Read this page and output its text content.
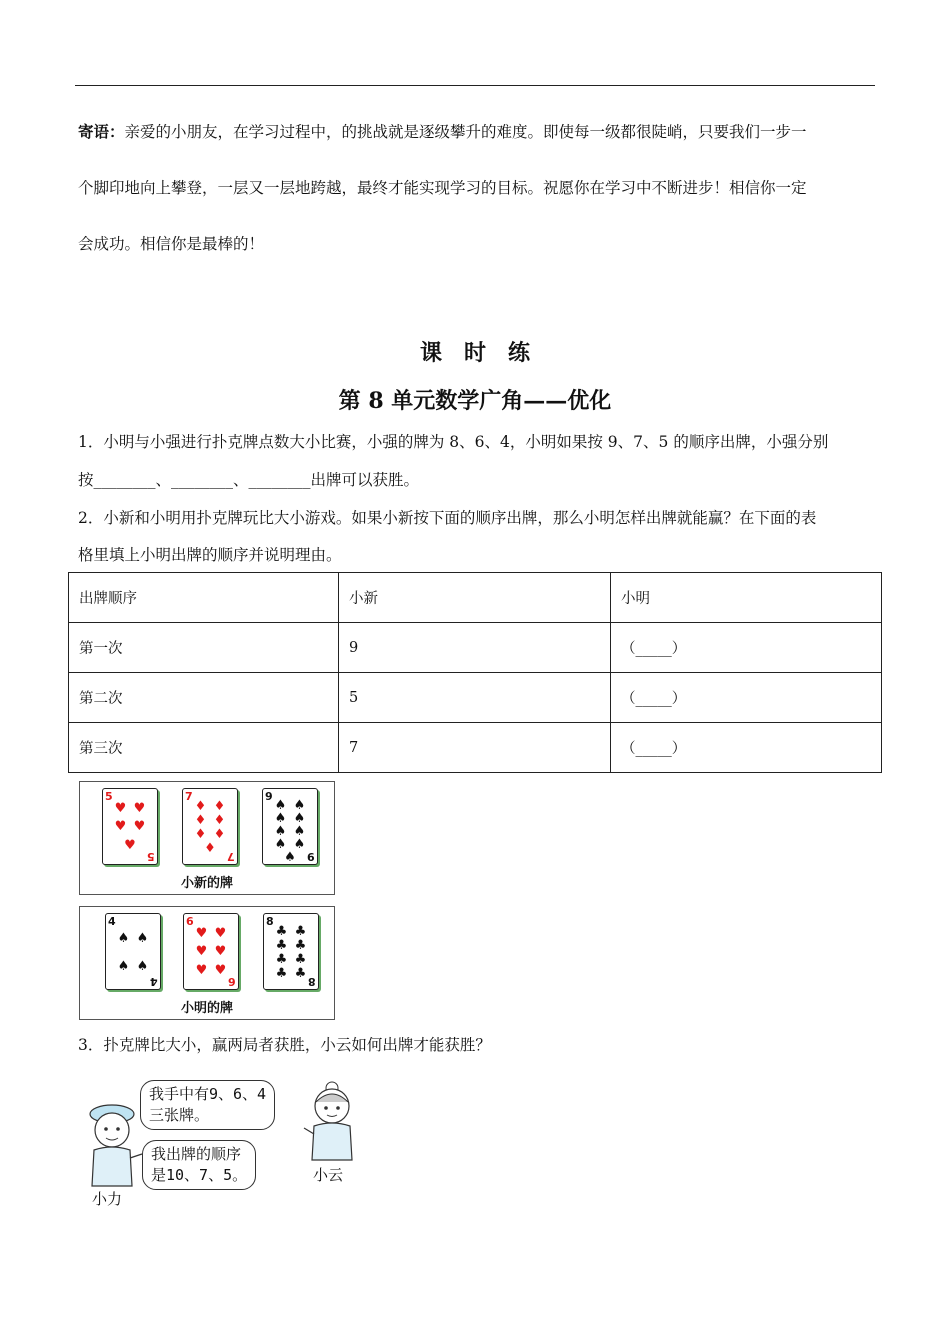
寄语：亲爱的小朋友，在学习过程中，的挑战就是逐级攀升的难度。即使每一级都很陡峭，只要我们一步一
个脚印地向上攀登，一层又一层地跨越，最终才能实现学习的目标。祝愿你在学习中不断进步！相信你一定
会成功。相信你是最棒的！
课时练
第 8 单元数学广角——优化
1．小明与小强进行扑克牌点数大小比赛，小强的牌为 8、6、4，小明如果按 9、7、5 的顺序出牌，小强分别
按________、________、________出牌可以获胜。
2．小新和小明用扑克牌玩比大小游戏。如果小新按下面的顺序出牌，那么小明怎样出牌就能赢？在下面的表
格里填上小明出牌的顺序并说明理由。
出牌顺序	小新	小明
第一次	9	（_____）
第二次	5	（_____）
第三次	7	（_____）
5
♥ ♥
♥ ♥
♥
5
7
♦ ♦
♦ ♦
♦ ♦
♦
7
9
♠ ♠
♠ ♠
♠ ♠
♠ ♠
♠ 9
小新的牌
4
♠ ♠
♠ ♠
4
6
♥ ♥
♥ ♥
♥ ♥
6
8
♣ ♣
♣ ♣
♣ ♣
♣ ♣
8
小明的牌
3．扑克牌比大小，赢两局者获胜，小云如何出牌才能获胜？
我手中有9、6、4
三张牌。
我出牌的顺序
是10、7、5。
小力
小云
